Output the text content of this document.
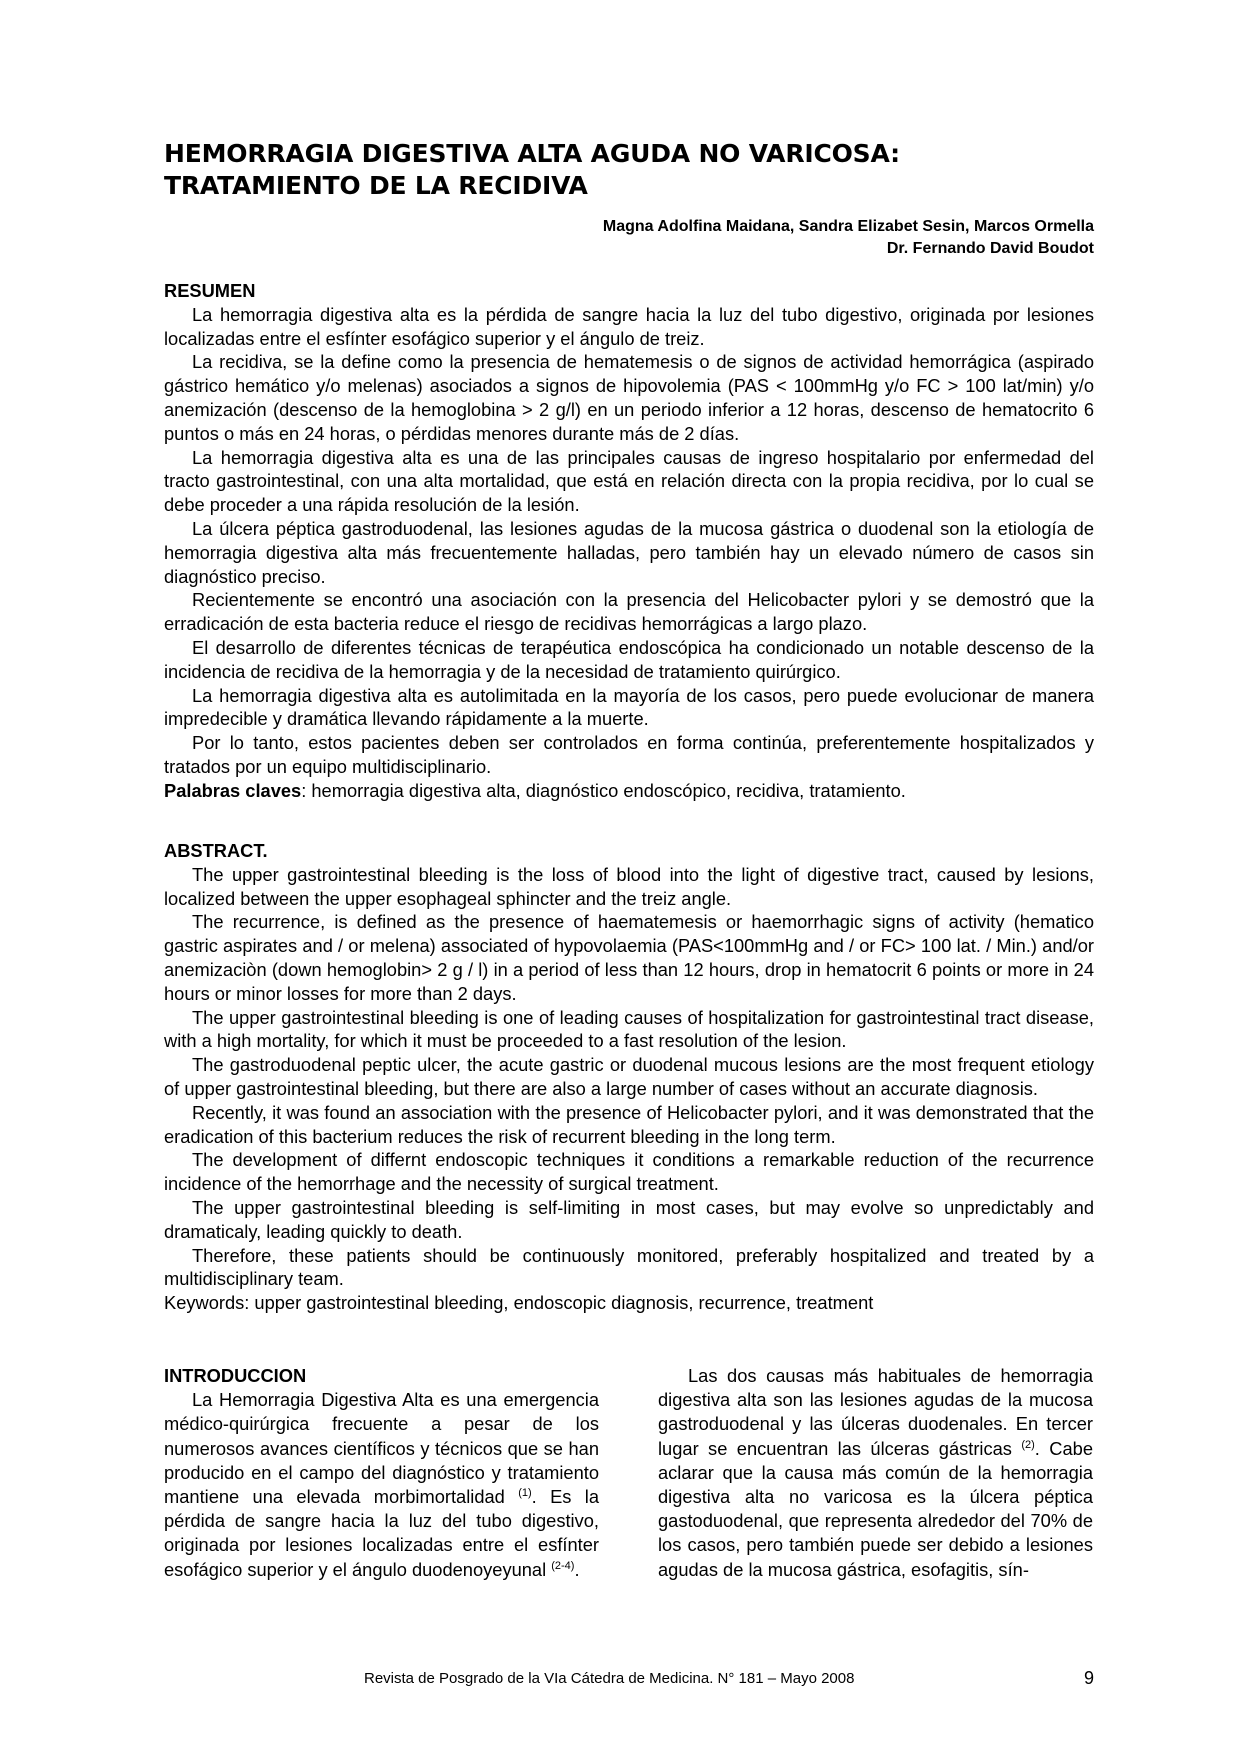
HEMORRAGIA DIGESTIVA ALTA AGUDA NO VARICOSA:
TRATAMIENTO DE LA RECIDIVA
Magna Adolfina Maidana, Sandra Elizabet Sesin, Marcos Ormella
Dr. Fernando David Boudot
RESUMEN

La hemorragia digestiva alta es la pérdida de sangre hacia la luz del tubo digestivo, originada por lesiones localizadas entre el esfínter esofágico superior y el ángulo de treiz.

La recidiva, se la define como la presencia de hematemesis o de signos de actividad hemorrágica (aspirado gástrico hemático y/o melenas) asociados a signos de hipovolemia (PAS < 100mmHg y/o FC > 100 lat/min) y/o anemización (descenso de la hemoglobina > 2 g/l) en un periodo inferior a 12 horas, descenso de hematocrito 6 puntos o más en 24 horas, o pérdidas menores durante más de 2 días.

La hemorragia digestiva alta es una de las principales causas de ingreso hospitalario por enfermedad del tracto gastrointestinal, con una alta mortalidad, que está en relación directa con la propia recidiva, por lo cual se debe proceder a una rápida resolución de la lesión.

La úlcera péptica gastroduodenal, las lesiones agudas de la mucosa gástrica o duodenal son la etiología de hemorragia digestiva alta más frecuentemente halladas, pero también hay un elevado número de casos sin diagnóstico preciso.

Recientemente se encontró una asociación con la presencia del Helicobacter pylori y se demostró que la erradicación de esta bacteria reduce el riesgo de recidivas hemorrágicas a largo plazo.

El desarrollo de diferentes técnicas de terapéutica endoscópica ha condicionado un notable descenso de la incidencia de recidiva de la hemorragia y de la necesidad de tratamiento quirúrgico.

La hemorragia digestiva alta es autolimitada en la mayoría de los casos, pero puede evolucionar de manera impredecible y dramática llevando rápidamente a la muerte.

Por lo tanto, estos pacientes deben ser controlados en forma continúa, preferentemente hospitalizados y tratados por un equipo multidisciplinario.

Palabras claves: hemorragia digestiva alta, diagnóstico endoscópico, recidiva, tratamiento.

ABSTRACT.

The upper gastrointestinal bleeding is the loss of blood into the light of digestive tract, caused by lesions, localized between the upper esophageal sphincter and the treiz angle.

The recurrence, is defined as the presence of haematemesis or haemorrhagic signs of activity (hematico gastric aspirates and / or melena) associated of hypovolaemia (PAS<100mmHg and / or FC> 100 lat. / Min.) and/or anemizaciòn (down hemoglobin> 2 g / l) in a period of less than 12 hours, drop in hematocrit 6 points or more in 24 hours or minor losses for more than 2 days.

The upper gastrointestinal bleeding is one of leading causes of hospitalization for gastrointestinal tract disease, with a high mortality, for which it must be proceeded to a fast resolution of the lesion.

The gastroduodenal peptic ulcer, the acute gastric or duodenal mucous lesions are the most frequent etiology of upper gastrointestinal bleeding, but there are also a large number of cases without an accurate diagnosis.

Recently, it was found an association with the presence of Helicobacter pylori, and it was demonstrated that the eradication of this bacterium reduces the risk of recurrent bleeding in the long term.

The development of differnt endoscopic techniques it conditions a remarkable reduction of the recurrence incidence of the hemorrhage and the necessity of surgical treatment.

The upper gastrointestinal bleeding is self-limiting in most cases, but may evolve so unpredictably and dramaticaly, leading quickly to death.

Therefore, these patients should be continuously monitored, preferably hospitalized and treated by a multidisciplinary team.

Keywords: upper gastrointestinal bleeding, endoscopic diagnosis, recurrence, treatment

INTRODUCCION

La Hemorragia Digestiva Alta es una emergencia médico-quirúrgica frecuente a pesar de los numerosos avances científicos y técnicos que se han producido en el campo del diagnóstico y tratamiento mantiene una elevada morbimortalidad $^{(1)}$. Es la pérdida de sangre hacia la luz del tubo digestivo, originada por lesiones localizadas entre el esfínter esofágico superior y el ángulo duodenoyeyunal $^{(2-4)}$.

Las dos causas más habituales de hemorragia digestiva alta son las lesiones agudas de la mucosa gastroduodenal y las úlceras duodenales. En tercer lugar se encuentran las úlceras gástricas $^{(2)}$. Cabe aclarar que la causa más común de la hemorragia digestiva alta no varicosa es la úlcera péptica gastoduodenal, que representa alrededor del 70% de los casos, pero también puede ser debido a lesiones agudas de la mucosa gástrica, esofagitis, sín-

Revista de Posgrado de la VIa Cátedra de Medicina. N° 181 – Mayo 2008	9
